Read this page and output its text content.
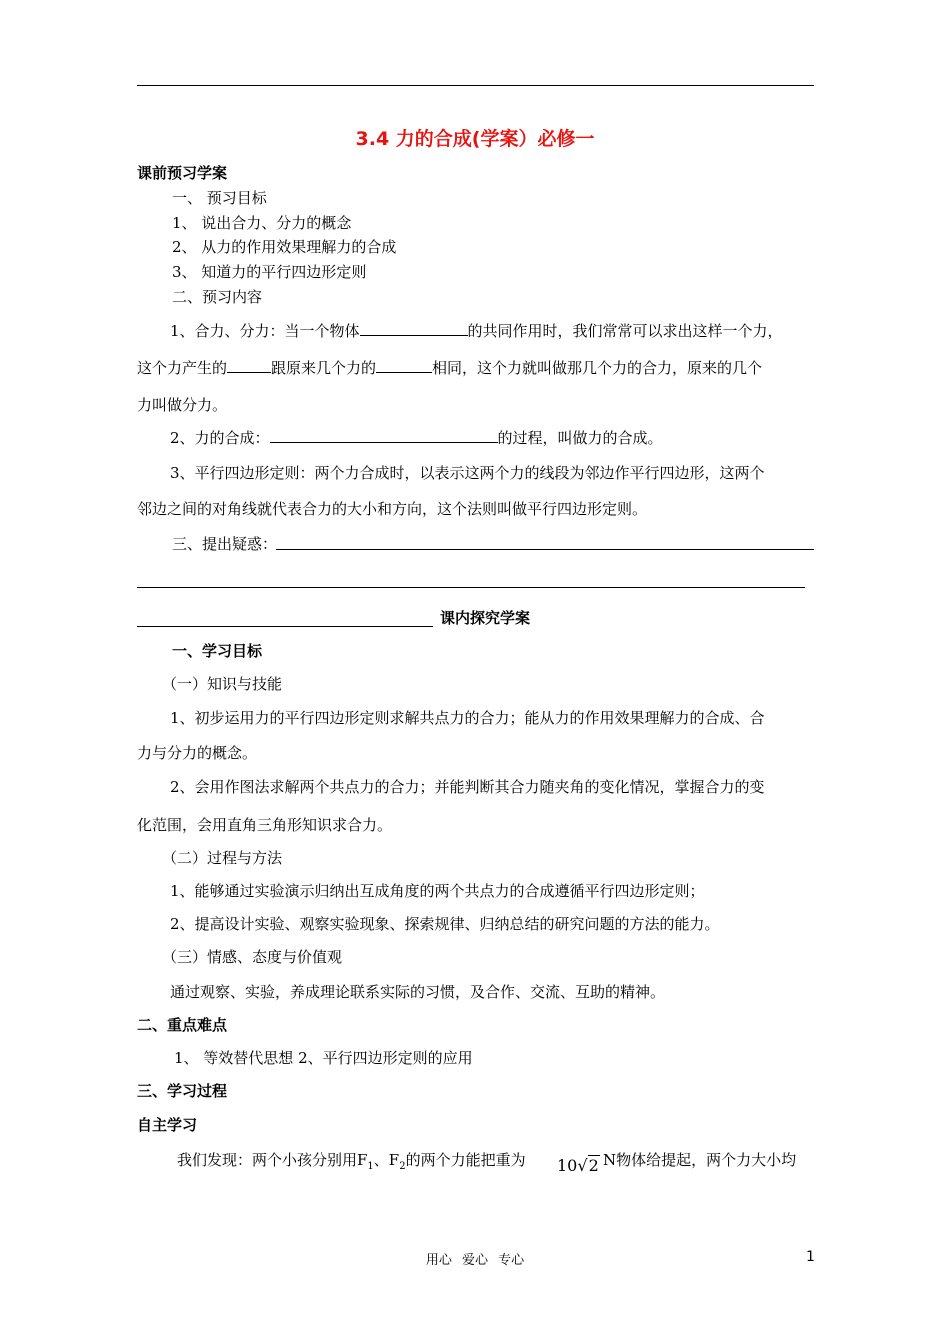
3.4 力的合成(学案）必修一
课前预习学案
一、 预习目标
1、 说出合力、分力的概念
2、 从力的作用效果理解力的合成
3、 知道力的平行四边形定则
二、预习内容
1、合力、分力：当一个物体	的共同作用时，我们常常可以求出这样一个力，
这个力产生的	跟原来几个力的	相同，这个力就叫做那几个力的合力，原来的几个
力叫做分力。
2、力的合成：	的过程，叫做力的合成。
3、平行四边形定则：两个力合成时，以表示这两个力的线段为邻边作平行四边形，这两个
邻边之间的对角线就代表合力的大小和方向，这个法则叫做平行四边形定则。
三、提出疑惑：
课内探究学案
一、学习目标
（一）知识与技能
1、初步运用力的平行四边形定则求解共点力的合力；能从力的作用效果理解力的合成、合
力与分力的概念。
2、会用作图法求解两个共点力的合力；并能判断其合力随夹角的变化情况，掌握合力的变
化范围，会用直角三角形知识求合力。
（二）过程与方法
1、能够通过实验演示归纳出互成角度的两个共点力的合成遵循平行四边形定则；
2、提高设计实验、观察实验现象、探索规律、归纳总结的研究问题的方法的能力。
（三）情感、态度与价值观
通过观察、实验，养成理论联系实际的习惯，及合作、交流、互助的精神。
二、重点难点
1、 等效替代思想 2、平行四边形定则的应用
三、学习过程
自主学习
我们发现：两个小孩分别用$F_1$、$F_2$的两个力能把重为 10√2 N物体给提起，两个力大小均
用心 爱心 专心	1
